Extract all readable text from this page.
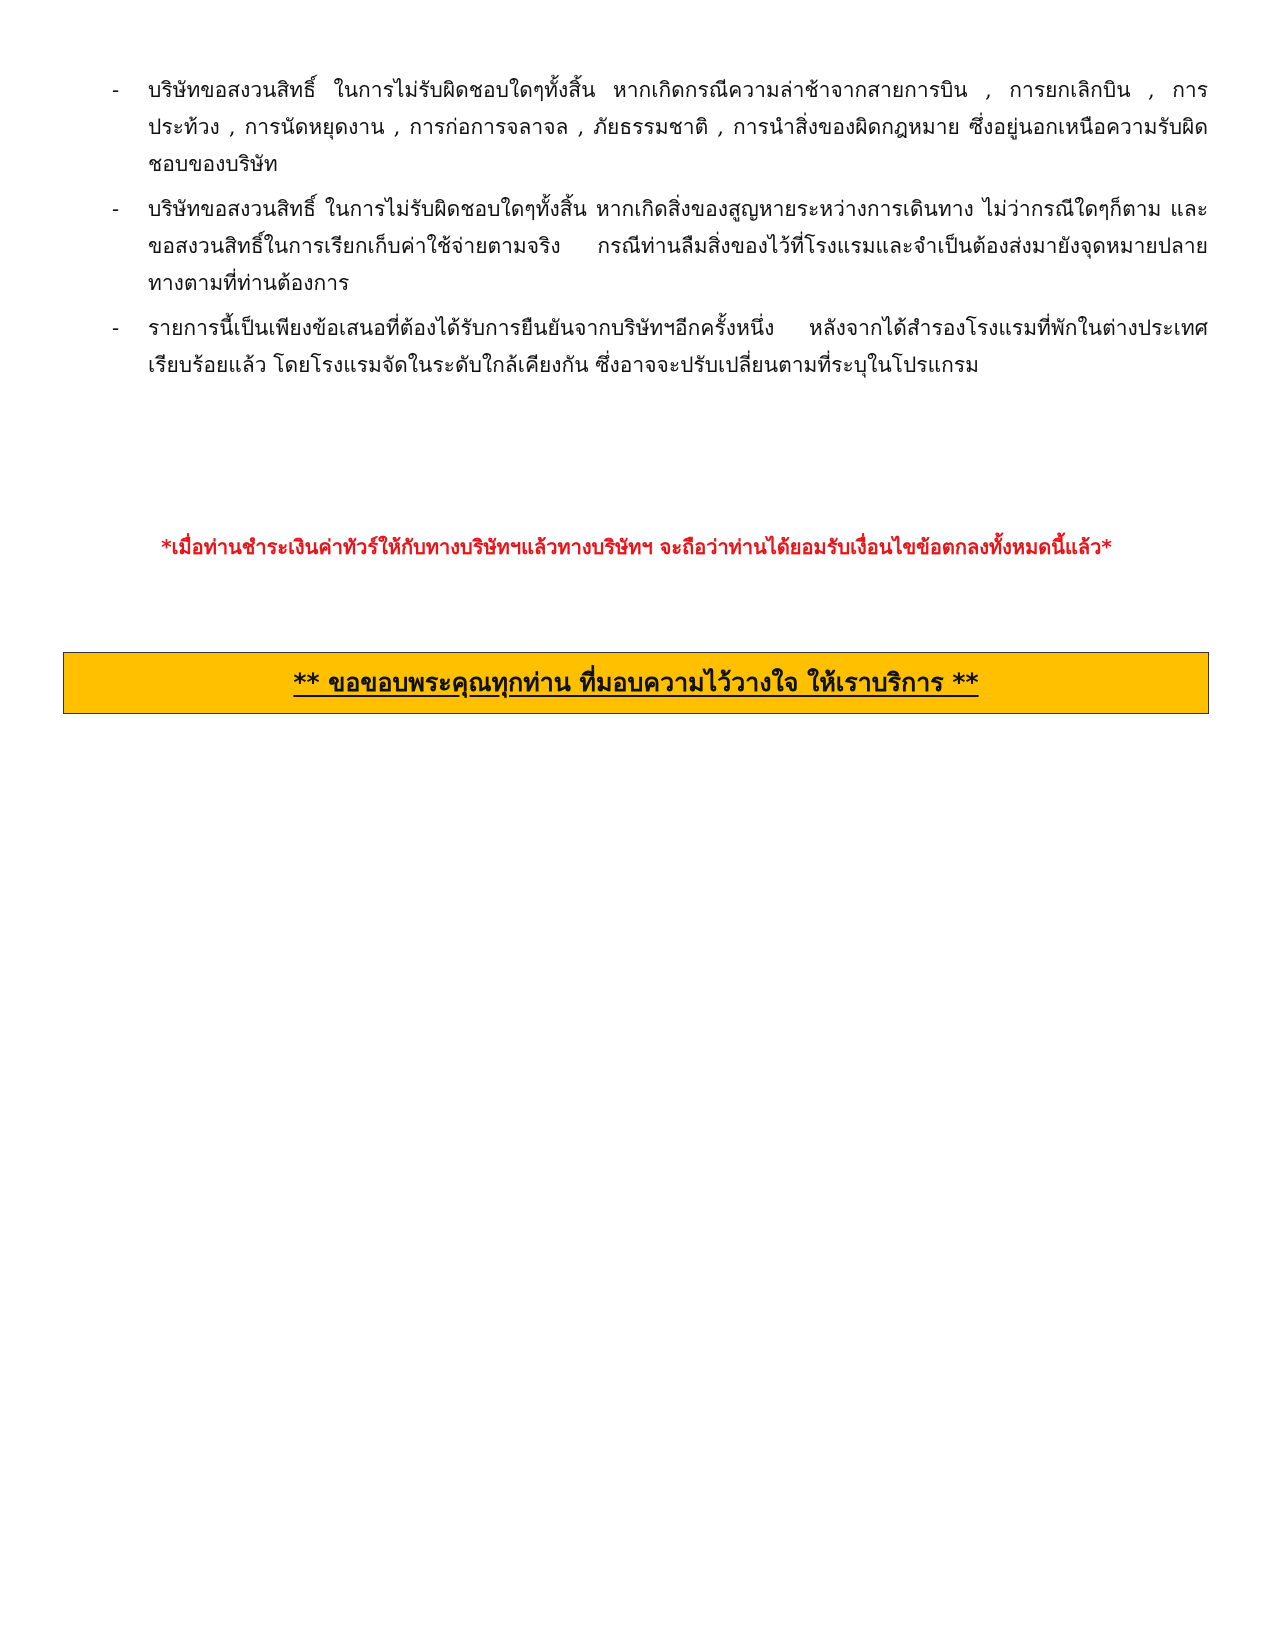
-	บริษัทขอสงวนสิทธิ์ ในการไม่รับผิดชอบใดๆทั้งสิ้น หากเกิดกรณีความล่าช้าจากสายการบิน , การยกเลิกบิน , การประท้วง , การนัดหยุดงาน , การก่อการจลาจล , ภัยธรรมชาติ , การนำสิ่งของผิดกฎหมาย ซึ่งอยู่นอกเหนือความรับผิดชอบของบริษัท
-	บริษัทขอสงวนสิทธิ์ ในการไม่รับผิดชอบใดๆทั้งสิ้น หากเกิดสิ่งของสูญหายระหว่างการเดินทาง ไม่ว่ากรณีใดๆก็ตาม และ ขอสงวนสิทธิ์ในการเรียกเก็บค่าใช้จ่ายตามจริง กรณีท่านลืมสิ่งของไว้ที่โรงแรมและจำเป็นต้องส่งมายังจุดหมายปลายทางตามที่ท่านต้องการ
-	รายการนี้เป็นเพียงข้อเสนอที่ต้องได้รับการยืนยันจากบริษัทฯอีกครั้งหนึ่ง หลังจากได้สำรองโรงแรมที่พักในต่างประเทศเรียบร้อยแล้ว โดยโรงแรมจัดในระดับใกล้เคียงกัน ซึ่งอาจจะปรับเปลี่ยนตามที่ระบุในโปรแกรม
*เมื่อท่านชำระเงินค่าทัวร์ให้กับทางบริษัทฯแล้วทางบริษัทฯ จะถือว่าท่านได้ยอมรับเงื่อนไขข้อตกลงทั้งหมดนี้แล้ว*
** ขอขอบพระคุณทุกท่าน ที่มอบความไว้วางใจ ให้เราบริการ **
